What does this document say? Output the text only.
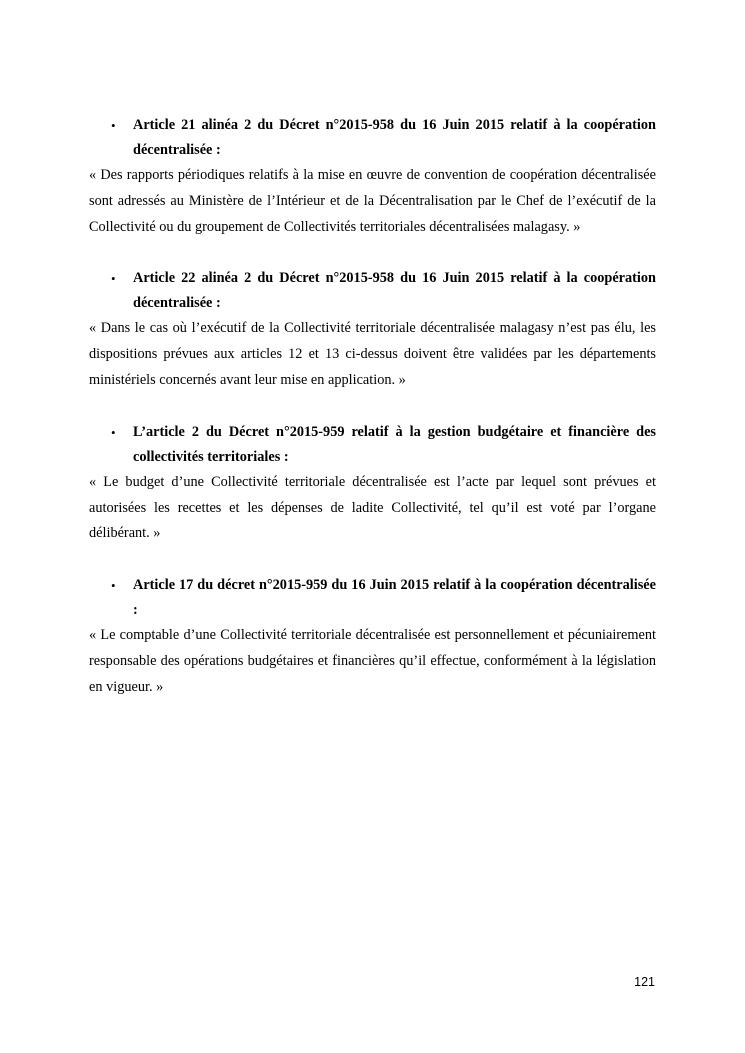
• Article 21 alinéa 2 du Décret n°2015-958 du 16 Juin 2015 relatif à la coopération décentralisée :
« Des rapports périodiques relatifs à la mise en œuvre de convention de coopération décentralisée sont adressés au Ministère de l’Intérieur et de la Décentralisation par le Chef de l’exécutif de la Collectivité ou du groupement de Collectivités territoriales décentralisées malagasy. »
• Article 22 alinéa 2 du Décret n°2015-958 du 16 Juin 2015 relatif à la coopération décentralisée :
« Dans le cas où l’exécutif de la Collectivité territoriale décentralisée malagasy n’est pas élu, les dispositions prévues aux articles 12 et 13 ci-dessus doivent être validées par les départements ministériels concernés avant leur mise en application. »
• L’article 2 du Décret n°2015-959 relatif à la gestion budgétaire et financière des collectivités territoriales :
« Le budget d’une Collectivité territoriale décentralisée est l’acte par lequel sont prévues et autorisées les recettes et les dépenses de ladite Collectivité, tel qu’il est voté par l’organe délibérant. »
• Article 17 du décret n°2015-959 du 16 Juin 2015 relatif à la coopération décentralisée :
« Le comptable d’une Collectivité territoriale décentralisée est personnellement et pécuniairement responsable des opérations budgétaires et financières qu’il effectue, conformément à la législation en vigueur. »
121
